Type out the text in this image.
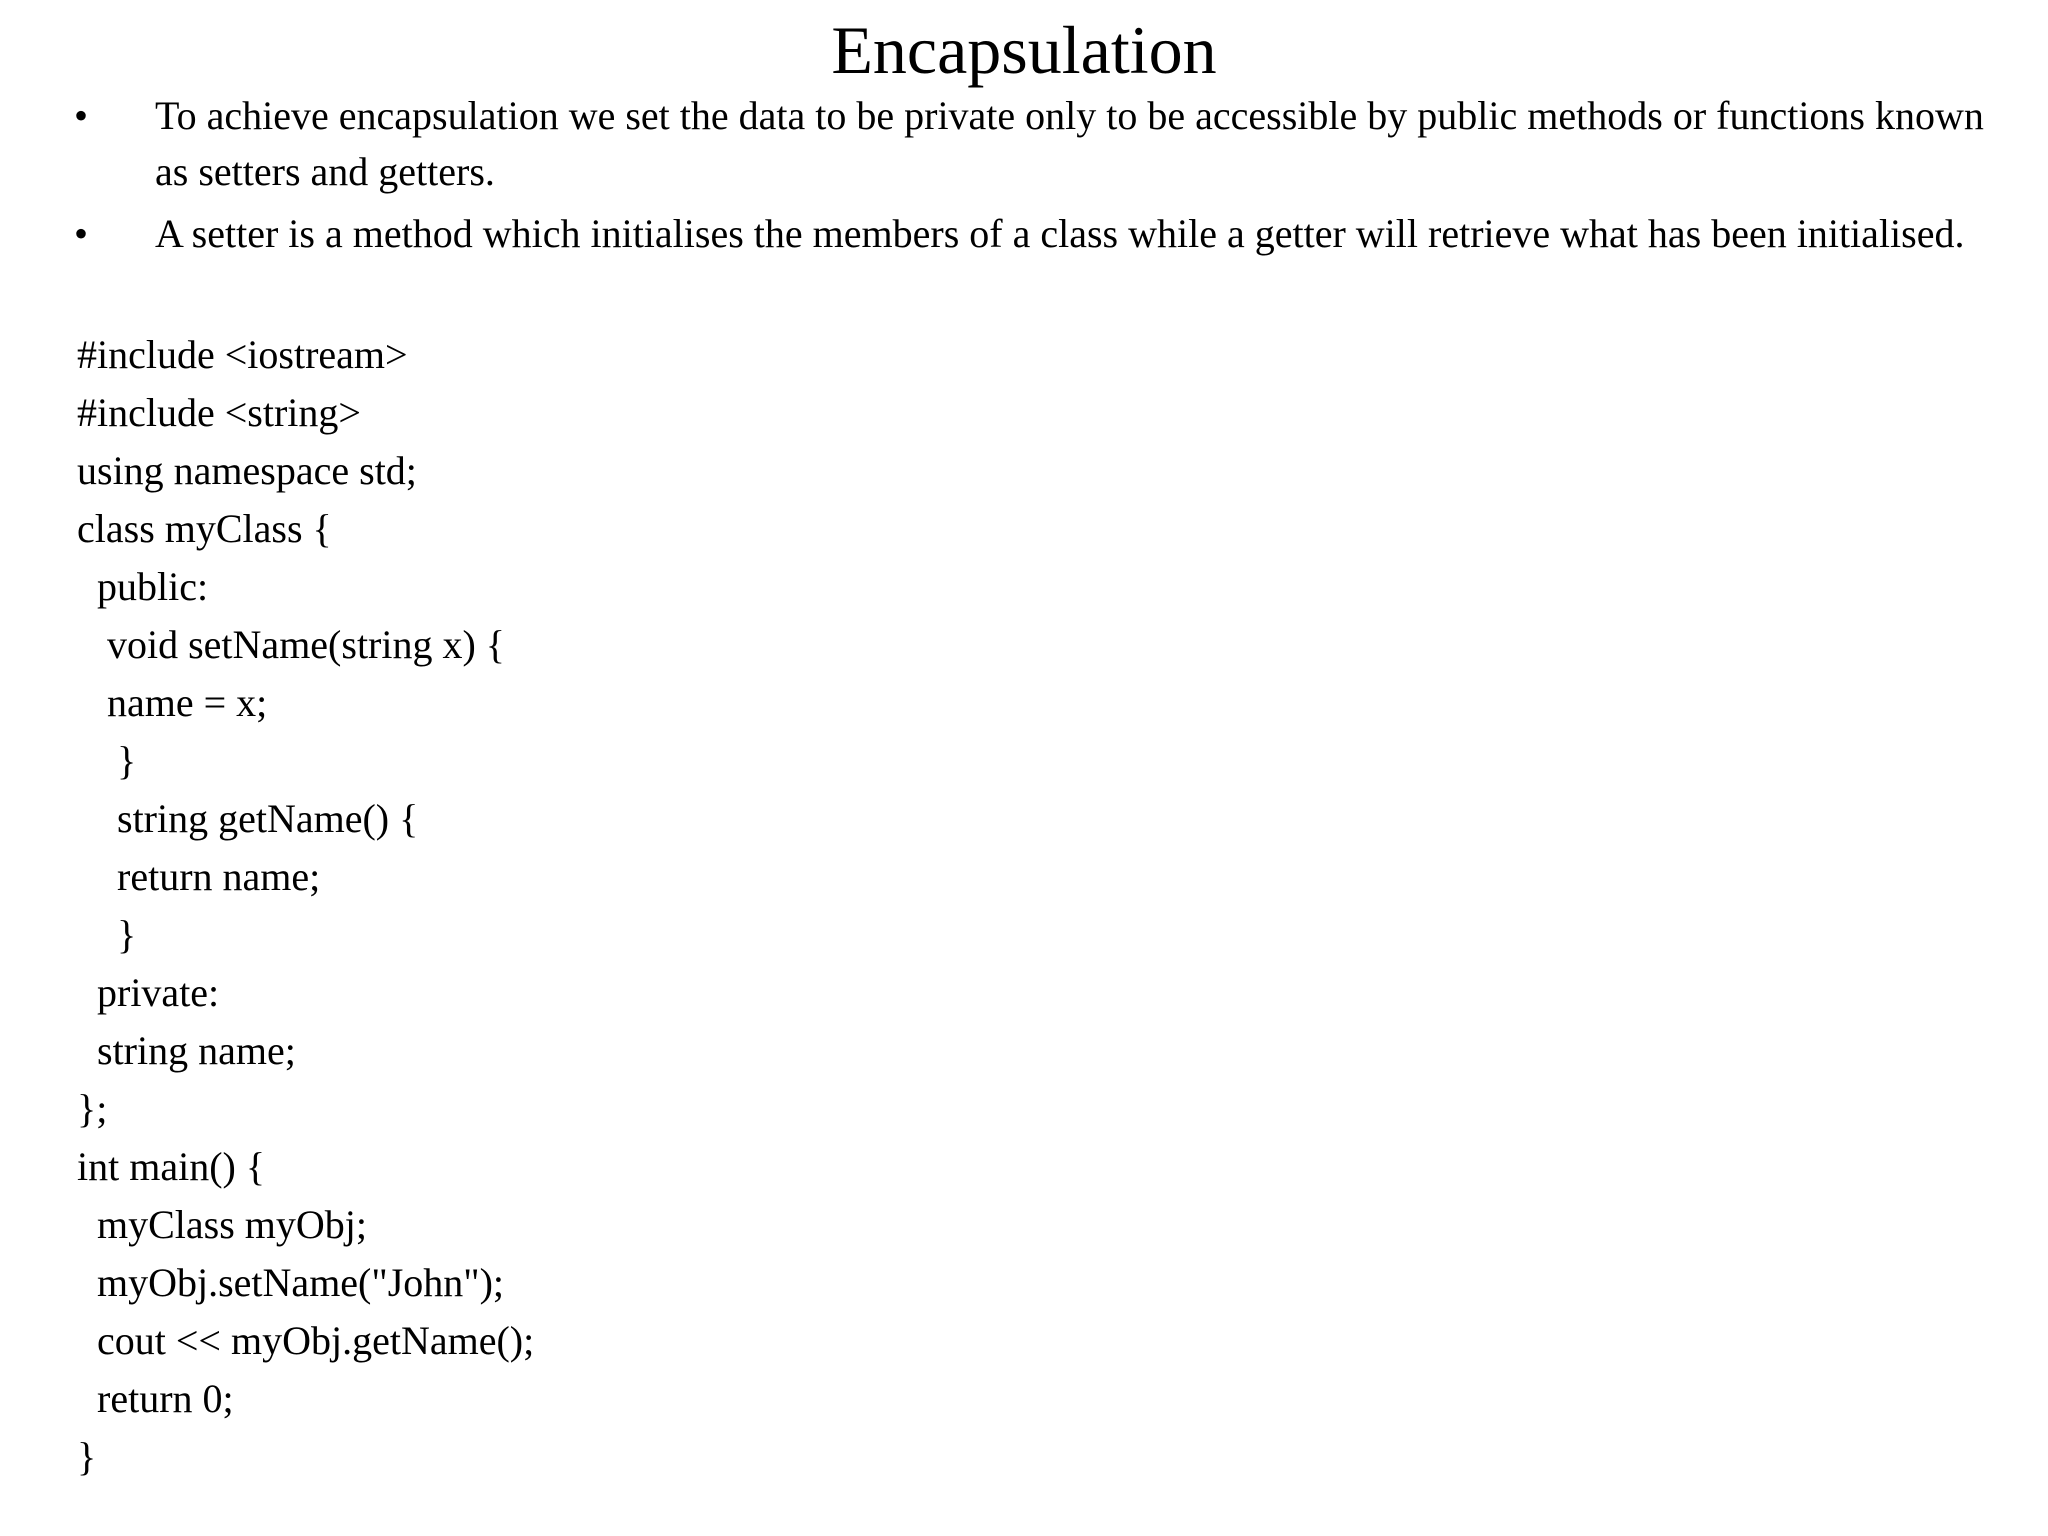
Encapsulation
• To achieve encapsulation we set the data to be private only to be accessible by public methods or functions known as setters and getters.
• A setter is a method which initialises the members of a class while a getter will retrieve what has been initialised.
#include <iostream>
#include <string>
using namespace std;
class myClass {
public:
void setName(string x) {
name = x;
}
string getName() {
return name;
}
private:
string name;
};
int main() {
myClass myObj;
myObj.setName("John");
cout << myObj.getName();
return 0;
}
